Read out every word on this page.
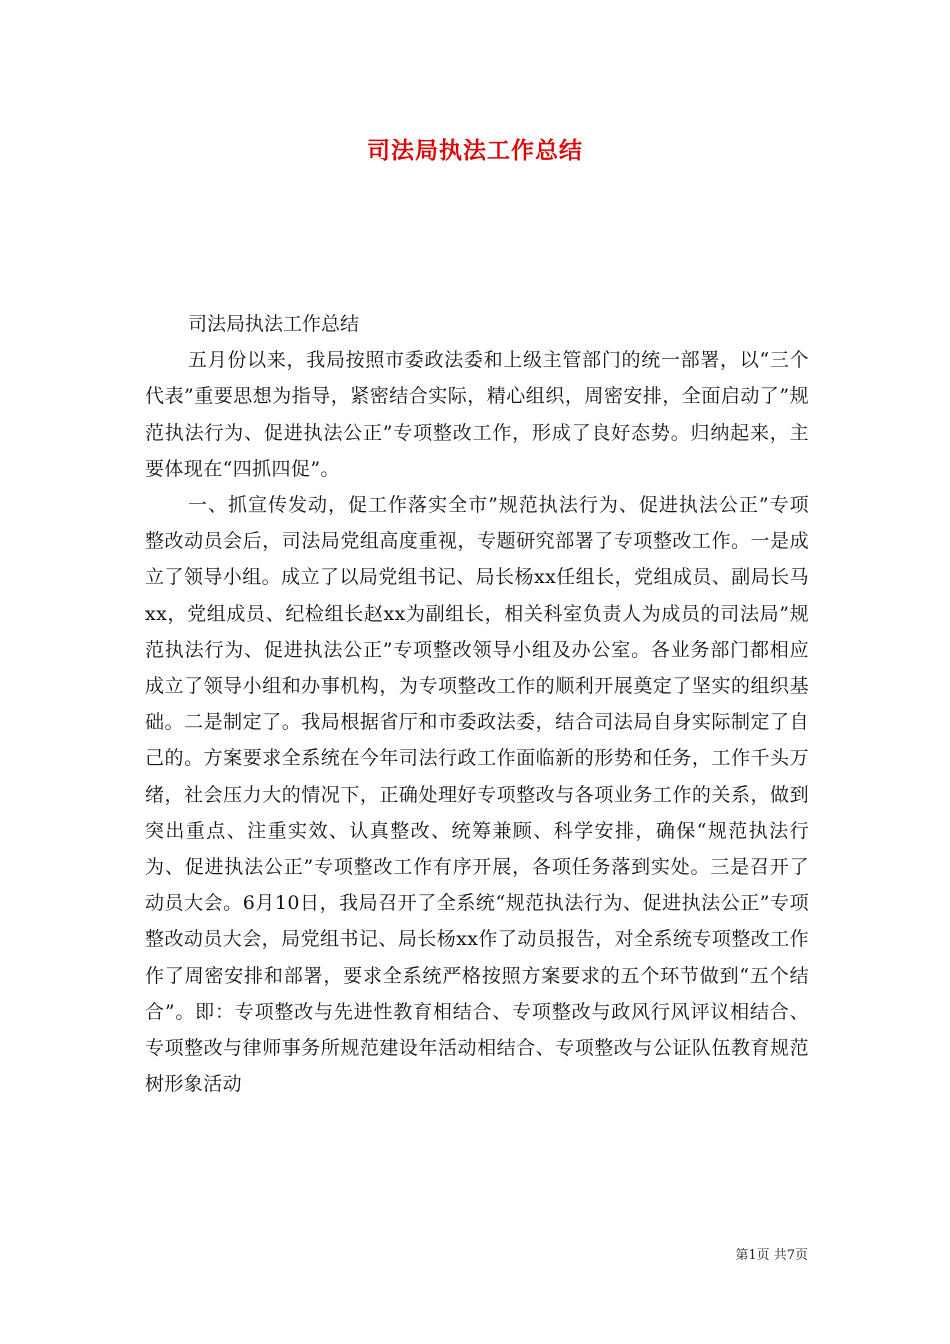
司法局执法工作总结

司法局执法工作总结

五月份以来，我局按照市委政法委和上级主管部门的统一部署，以“三个代表”重要思想为指导，紧密结合实际，精心组织，周密安排，全面启动了”规范执法行为、促进执法公正”专项整改工作，形成了良好态势。归纳起来，主要体现在“四抓四促”。

一、抓宣传发动，促工作落实全市”规范执法行为、促进执法公正”专项整改动员会后，司法局党组高度重视，专题研究部署了专项整改工作。一是成立了领导小组。成立了以局党组书记、局长杨xx任组长，党组成员、副局长马xx，党组成员、纪检组长赵xx为副组长，相关科室负责人为成员的司法局”规范执法行为、促进执法公正”专项整改领导小组及办公室。各业务部门都相应成立了领导小组和办事机构，为专项整改工作的顺利开展奠定了坚实的组织基础。二是制定了。我局根据省厅和市委政法委，结合司法局自身实际制定了自己的。方案要求全系统在今年司法行政工作面临新的形势和任务，工作千头万绪，社会压力大的情况下，正确处理好专项整改与各项业务工作的关系，做到突出重点、注重实效、认真整改、统筹兼顾、科学安排，确保“规范执法行为、促进执法公正”专项整改工作有序开展，各项任务落到实处。三是召开了动员大会。6月10日，我局召开了全系统“规范执法行为、促进执法公正”专项整改动员大会，局党组书记、局长杨xx作了动员报告，对全系统专项整改工作作了周密安排和部署，要求全系统严格按照方案要求的五个环节做到“五个结合”。即：专项整改与先进性教育相结合、专项整改与政风行风评议相结合、专项整改与律师事务所规范建设年活动相结合、专项整改与公证队伍教育规范树形象活动

第1页 共7页
